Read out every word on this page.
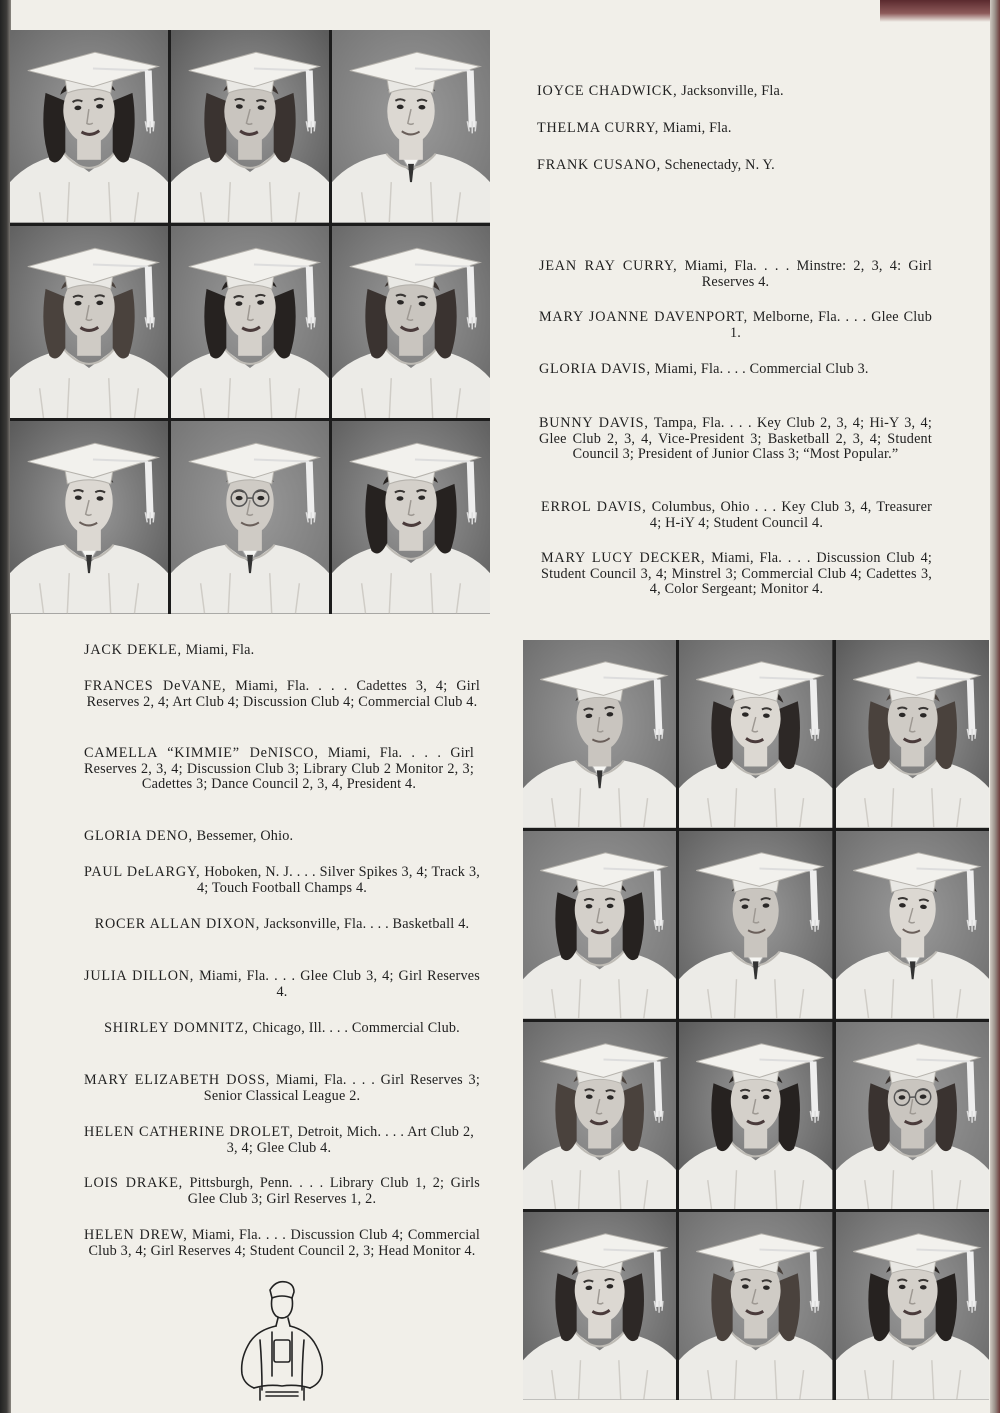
IOYCE CHADWICK, Jacksonville, Fla.

THELMA CURRY, Miami, Fla.

FRANK CUSANO, Schenectady, N. Y.

JEAN RAY CURRY, Miami, Fla. . . . Minstre: 2, 3, 4: Girl Reserves 4.

MARY JOANNE DAVENPORT, Melborne, Fla. . . . Glee Club 1.

GLORIA DAVIS, Miami, Fla. . . . Commercial Club 3.

BUNNY DAVIS, Tampa, Fla. . . . Key Club 2, 3, 4; Hi-Y 3, 4; Glee Club 2, 3, 4, Vice-President 3; Basketball 2, 3, 4; Student Council 3; President of Junior Class 3; “Most Popular.”

ERROL DAVIS, Columbus, Ohio . . . Key Club 3, 4, Treasurer 4; H-iY 4; Student Council 4.

MARY LUCY DECKER, Miami, Fla. . . . Discussion Club 4; Student Council 3, 4; Minstrel 3; Commercial Club 4; Cadettes 3, 4, Color Sergeant; Monitor 4.

JACK DEKLE, Miami, Fla.

FRANCES DeVANE, Miami, Fla. . . . Cadettes 3, 4; Girl Reserves 2, 4; Art Club 4; Discussion Club 4; Commercial Club 4.

CAMELLA “KIMMIE” DeNISCO, Miami, Fla. . . . Girl Reserves 2, 3, 4; Discussion Club 3; Library Club 2 Monitor 2, 3; Cadettes 3; Dance Council 2, 3, 4, President 4.

GLORIA DENO, Bessemer, Ohio.

PAUL DeLARGY, Hoboken, N. J. . . . Silver Spikes 3, 4; Track 3, 4; Touch Football Champs 4.

ROCER ALLAN DIXON, Jacksonville, Fla. . . . Basketball 4.

JULIA DILLON, Miami, Fla. . . . Glee Club 3, 4; Girl Reserves 4.

SHIRLEY DOMNITZ, Chicago, Ill. . . . Commercial Club.

MARY ELIZABETH DOSS, Miami, Fla. . . . Girl Reserves 3; Senior Classical League 2.

HELEN CATHERINE DROLET, Detroit, Mich. . . . Art Club 2, 3, 4; Glee Club 4.

LOIS DRAKE, Pittsburgh, Penn. . . . Library Club 1, 2; Girls Glee Club 3; Girl Reserves 1, 2.

HELEN DREW, Miami, Fla. . . . Discussion Club 4; Commercial Club 3, 4; Girl Reserves 4; Student Council 2, 3; Head Monitor 4.
